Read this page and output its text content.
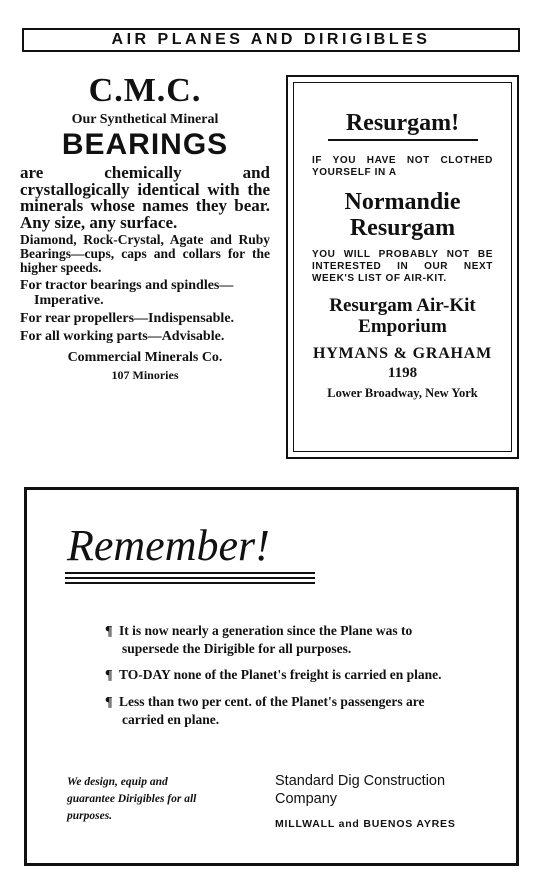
AIR PLANES AND DIRIGIBLES
C.M.C.
Our Synthetical Mineral
BEARINGS
are chemically and crystallogically identical with the minerals whose names they bear. Any size, any surface.
Diamond, Rock-Crystal, Agate and Ruby Bearings—cups, caps and collars for the higher speeds.
For tractor bearings and spindles—Imperative.
For rear propellers—Indispensable.
For all working parts—Advisable.
Commercial Minerals Co.
107 Minories
Resurgam!
IF YOU HAVE NOT CLOTHED YOURSELF IN A
Normandie Resurgam
YOU WILL PROBABLY NOT BE INTERESTED IN OUR NEXT WEEK'S LIST OF AIR-KIT.
Resurgam Air-Kit Emporium
HYMANS & GRAHAM
1198
Lower Broadway, New York
Remember!
¶ It is now nearly a generation since the Plane was to supersede the Dirigible for all purposes.
¶ TO-DAY none of the Planet's freight is carried en plane.
¶ Less than two per cent. of the Planet's passengers are carried en plane.
We design, equip and guarantee Dirigibles for all purposes.
Standard Dig Construction Company
MILLWALL and BUENOS AYRES
